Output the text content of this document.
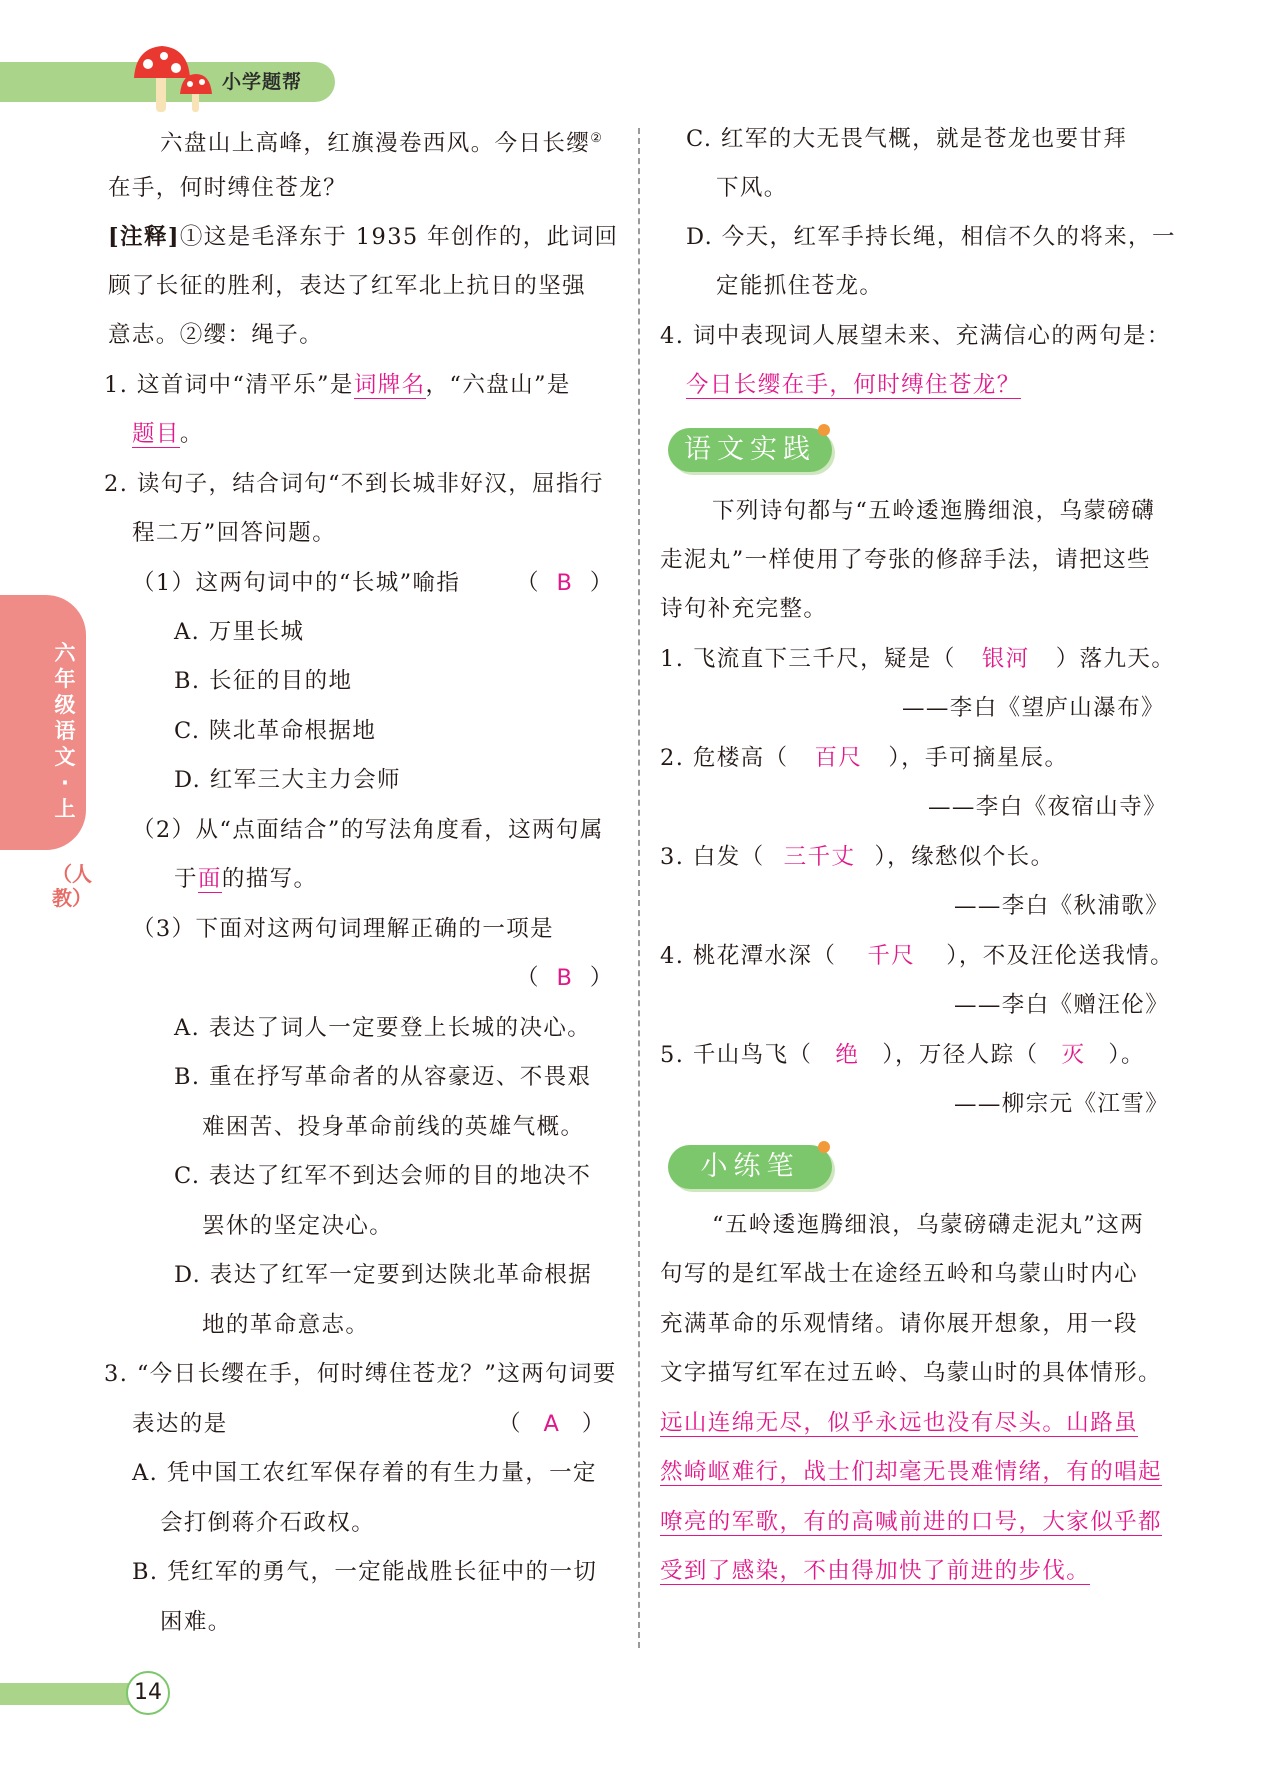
小学题帮
六年级语文·上
（人教）
六盘山上高峰，红旗漫卷西风。今日长缨②
在手，何时缚住苍龙？
[注释]①这是毛泽东于 1935 年创作的，此词回
顾了长征的胜利，表达了红军北上抗日的坚强
意志。②缨：绳子。
1. 这首词中“清平乐”是词牌名，“六盘山”是
题目。
2. 读句子，结合词句“不到长城非好汉，屈指行
程二万”回答问题。
（1）这两句词中的“长城”喻指 （ B ）
A. 万里长城
B. 长征的目的地
C. 陕北革命根据地
D. 红军三大主力会师
（2）从“点面结合”的写法角度看，这两句属
于面的描写。
（3）下面对这两句词理解正确的一项是
（ B ）
A. 表达了词人一定要登上长城的决心。
B. 重在抒写革命者的从容豪迈、不畏艰
难困苦、投身革命前线的英雄气概。
C. 表达了红军不到达会师的目的地决不
罢休的坚定决心。
D. 表达了红军一定要到达陕北革命根据
地的革命意志。
3. “今日长缨在手，何时缚住苍龙？”这两句词要
表达的是	（ A ）
A. 凭中国工农红军保存着的有生力量，一定
会打倒蒋介石政权。
B. 凭红军的勇气，一定能战胜长征中的一切
困难。
C. 红军的大无畏气概，就是苍龙也要甘拜
下风。
D. 今天，红军手持长绳，相信不久的将来，一
定能抓住苍龙。
4. 词中表现词人展望未来、充满信心的两句是：
今日长缨在手，何时缚住苍龙？
语文实践
下列诗句都与“五岭逶迤腾细浪，乌蒙磅礴
走泥丸”一样使用了夸张的修辞手法，请把这些
诗句补充完整。
1. 飞流直下三千尺，疑是（ 银河 ）落九天。
——李白《望庐山瀑布》
2. 危楼高（ 百尺 ），手可摘星辰。
——李白《夜宿山寺》
3. 白发（ 三千丈 ），缘愁似个长。
——李白《秋浦歌》
4. 桃花潭水深（ 千尺 ），不及汪伦送我情。
——李白《赠汪伦》
5. 千山鸟飞（ 绝 ），万径人踪（ 灭 ）。
——柳宗元《江雪》
小练笔
“五岭逶迤腾细浪，乌蒙磅礴走泥丸”这两
句写的是红军战士在途经五岭和乌蒙山时内心
充满革命的乐观情绪。请你展开想象，用一段
文字描写红军在过五岭、乌蒙山时的具体情形。
远山连绵无尽，似乎永远也没有尽头。山路虽
然崎岖难行，战士们却毫无畏难情绪，有的唱起
嘹亮的军歌，有的高喊前进的口号，大家似乎都
受到了感染，不由得加快了前进的步伐。
14
